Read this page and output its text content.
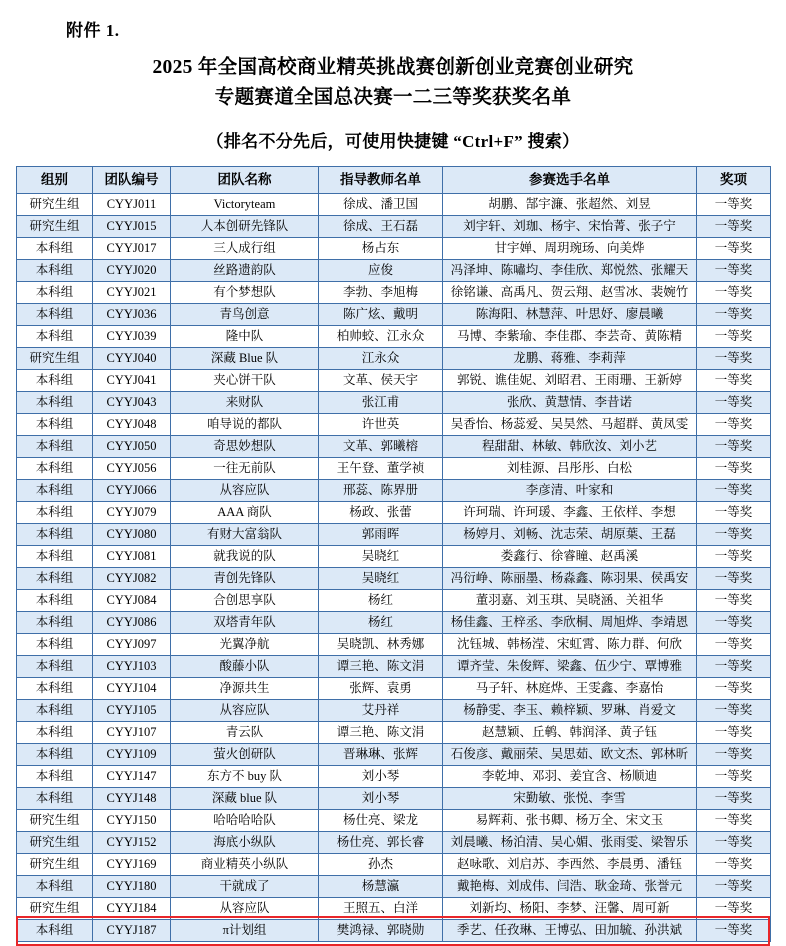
附件 1.
2025 年全国高校商业精英挑战赛创新创业竞赛创业研究
专题赛道全国总决赛一二三等奖获奖名单
（排名不分先后，可使用快捷键 “Ctrl+F” 搜索）
组别	团队编号	团队名称	指导教师名单	参赛选手名单	奖项
研究生组	CYYJ011	Victoryteam	徐成、潘卫国	胡鹏、郜宇濂、张超然、刘昱	一等奖
研究生组	CYYJ015	人本创研先锋队	徐成、王石磊	刘宇轩、刘珈、杨宇、宋怡菁、张子宁	一等奖
本科组	CYYJ017	三人成行组	杨占东	甘宇婵、周玥琬玚、向美烨	一等奖
本科组	CYYJ020	丝路遗韵队	应俊	冯泽坤、陈嘯均、李佳欣、郑悦然、张耀天	一等奖
本科组	CYYJ021	有个梦想队	李勃、李旭梅	徐铭谦、高禹凡、贺云翔、赵雪冰、裴婉竹	一等奖
本科组	CYYJ036	青鸟创意	陈广炫、戴明	陈海阳、林慧萍、叶思妤、廖晨曦	一等奖
本科组	CYYJ039	隆中队	柏帅蛟、江永众	马博、李紫瑜、李佳郡、李芸奇、黄陈精	一等奖
研究生组	CYYJ040	深藏 Blue 队	江永众	龙鹏、蒋雅、李莉萍	一等奖
本科组	CYYJ041	夹心饼干队	文革、侯天宇	郭锐、谯佳妮、刘昭君、王雨珊、王新婷	一等奖
本科组	CYYJ043	来财队	张江甫	张欣、黄慧情、李昔诺	一等奖
本科组	CYYJ048	咱导说的都队	许世英	吴香怡、杨蕊爱、吴昊然、马超群、黄凤雯	一等奖
本科组	CYYJ050	奇思妙想队	文革、郭曦榕	程甜甜、林敏、韩欣汝、刘小艺	一等奖
本科组	CYYJ056	一往无前队	王午登、董学祯	刘桂源、吕彤彤、白松	一等奖
本科组	CYYJ066	从容应队	邢蕊、陈界册	李彦清、叶家和	一等奖
本科组	CYYJ079	AAA 商队	杨政、张蕾	许珂瑞、许珂瑗、李鑫、王依样、李想	一等奖
本科组	CYYJ080	有财大富翁队	郭雨晖	杨婷月、刘畅、沈志荣、胡原葉、王磊	一等奖
本科组	CYYJ081	就我说的队	吴晓红	娄鑫行、徐睿瞳、赵禹溪	一等奖
本科组	CYYJ082	青创先锋队	吴晓红	冯衍峥、陈丽墨、杨淼鑫、陈羽果、侯禹安	一等奖
本科组	CYYJ084	合创思享队	杨红	董羽嘉、刘玉琪、吴晓涵、关祖华	一等奖
本科组	CYYJ086	双塔青年队	杨红	杨佳鑫、王梓丞、李欣桐、周旭烨、李靖恩	一等奖
本科组	CYYJ097	光翼净航	吴晓凯、林秀娜	沈钰城、韩杨滢、宋虹霄、陈力群、何欣	一等奖
本科组	CYYJ103	酸藤小队	谭三艳、陈文涓	谭齐莹、朱俊辉、梁鑫、伍少宁、覃博雅	一等奖
本科组	CYYJ104	净源共生	张辉、袁勇	马子轩、林庭烨、王雯鑫、李嘉怡	一等奖
本科组	CYYJ105	从容应队	艾丹祥	杨静雯、李玉、赖梓颖、罗琳、肖爱文	一等奖
本科组	CYYJ107	青云队	谭三艳、陈文涓	赵慧颖、丘鹌、韩润泽、黄子钰	一等奖
本科组	CYYJ109	萤火创研队	晋琳琳、张辉	石俊彦、戴丽荣、吴思茹、欧文杰、郭林昕	一等奖
本科组	CYYJ147	东方不 buy 队	刘小琴	李乾坤、邓羽、姜宜含、杨顺迪	一等奖
本科组	CYYJ148	深藏 blue 队	刘小琴	宋勤敏、张悦、李雪	一等奖
研究生组	CYYJ150	哈哈哈哈队	杨仕亮、梁龙	易辉莉、张书卿、杨万全、宋文玉	一等奖
研究生组	CYYJ152	海底小纵队	杨仕亮、郭长睿	刘晨曦、杨泊清、吴心媚、张雨雯、梁智乐	一等奖
研究生组	CYYJ169	商业精英小纵队	孙杰	赵咏歌、刘启苏、李西然、李晨勇、潘钰	一等奖
本科组	CYYJ180	干就成了	杨慧瀛	戴艳梅、刘成伟、闫浩、耿金琦、张誉元	一等奖
研究生组	CYYJ184	从容应队	王照五、白洋	刘新均、杨阳、李梦、汪馨、周可新	一等奖
本科组	CYYJ187	π计划组	樊鸿禄、郭晓勋	季艺、任孜琳、王博弘、田加毓、孙洪斌	一等奖
